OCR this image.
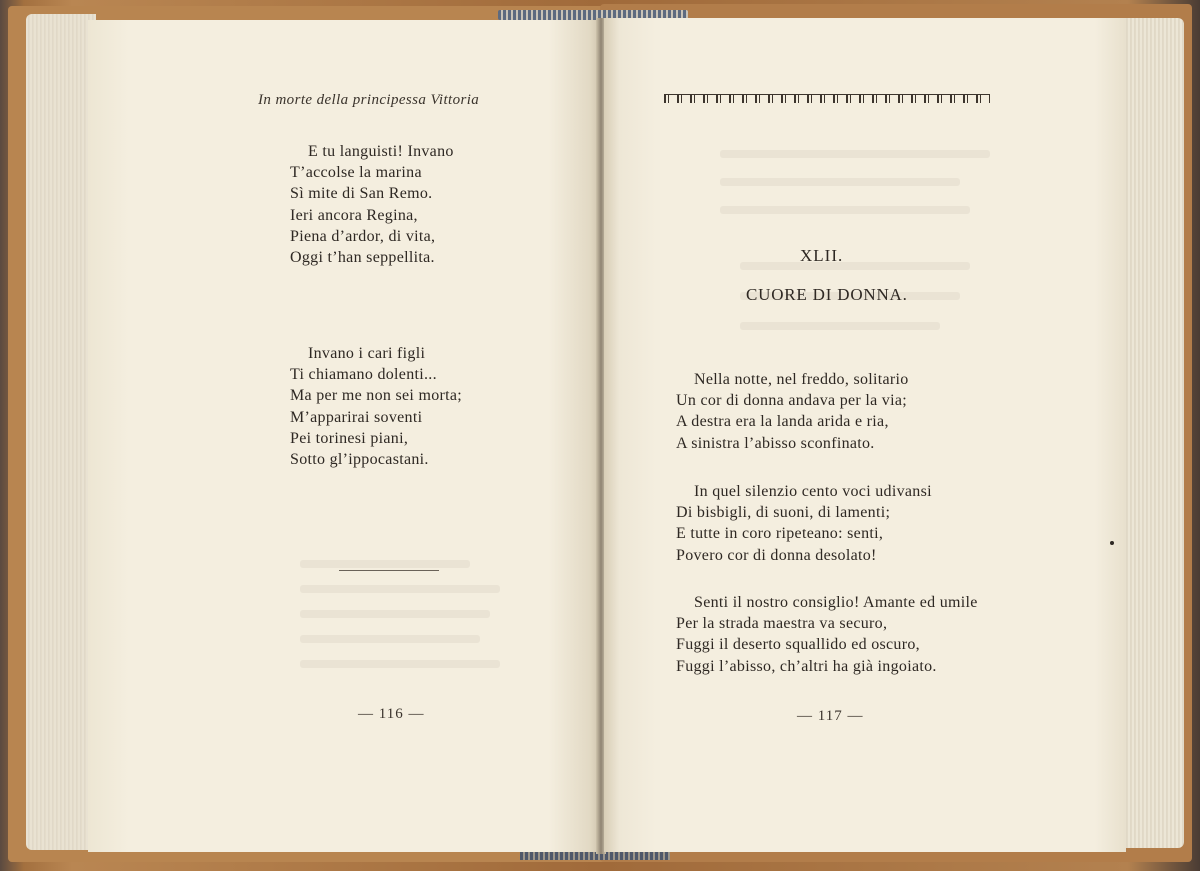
In morte della principessa Vittoria

E tu languisti! Invano
T’accolse la marina
Sì mite di San Remo.
Ieri ancora Regina,
Piena d’ardor, di vita,
Oggi t’han seppellita.
Invano i cari figli
Ti chiamano dolenti...
Ma per me non sei morta;
M’apparirai soventi
Pei torinesi piani,
Sotto gl’ippocastani.
— 116 —
XLII.
CUORE DI DONNA.
Nella notte, nel freddo, solitario
Un cor di donna andava per la via;
A destra era la landa arida e ria,
A sinistra l’abisso sconfinato.
In quel silenzio cento voci udivansi
Di bisbigli, di suoni, di lamenti;
E tutte in coro ripeteano: senti,
Povero cor di donna desolato!
Senti il nostro consiglio! Amante ed umile
Per la strada maestra va securo,
Fuggi il deserto squallido ed oscuro,
Fuggi l’abisso, ch’altri ha già ingoiato.
— 117 —
